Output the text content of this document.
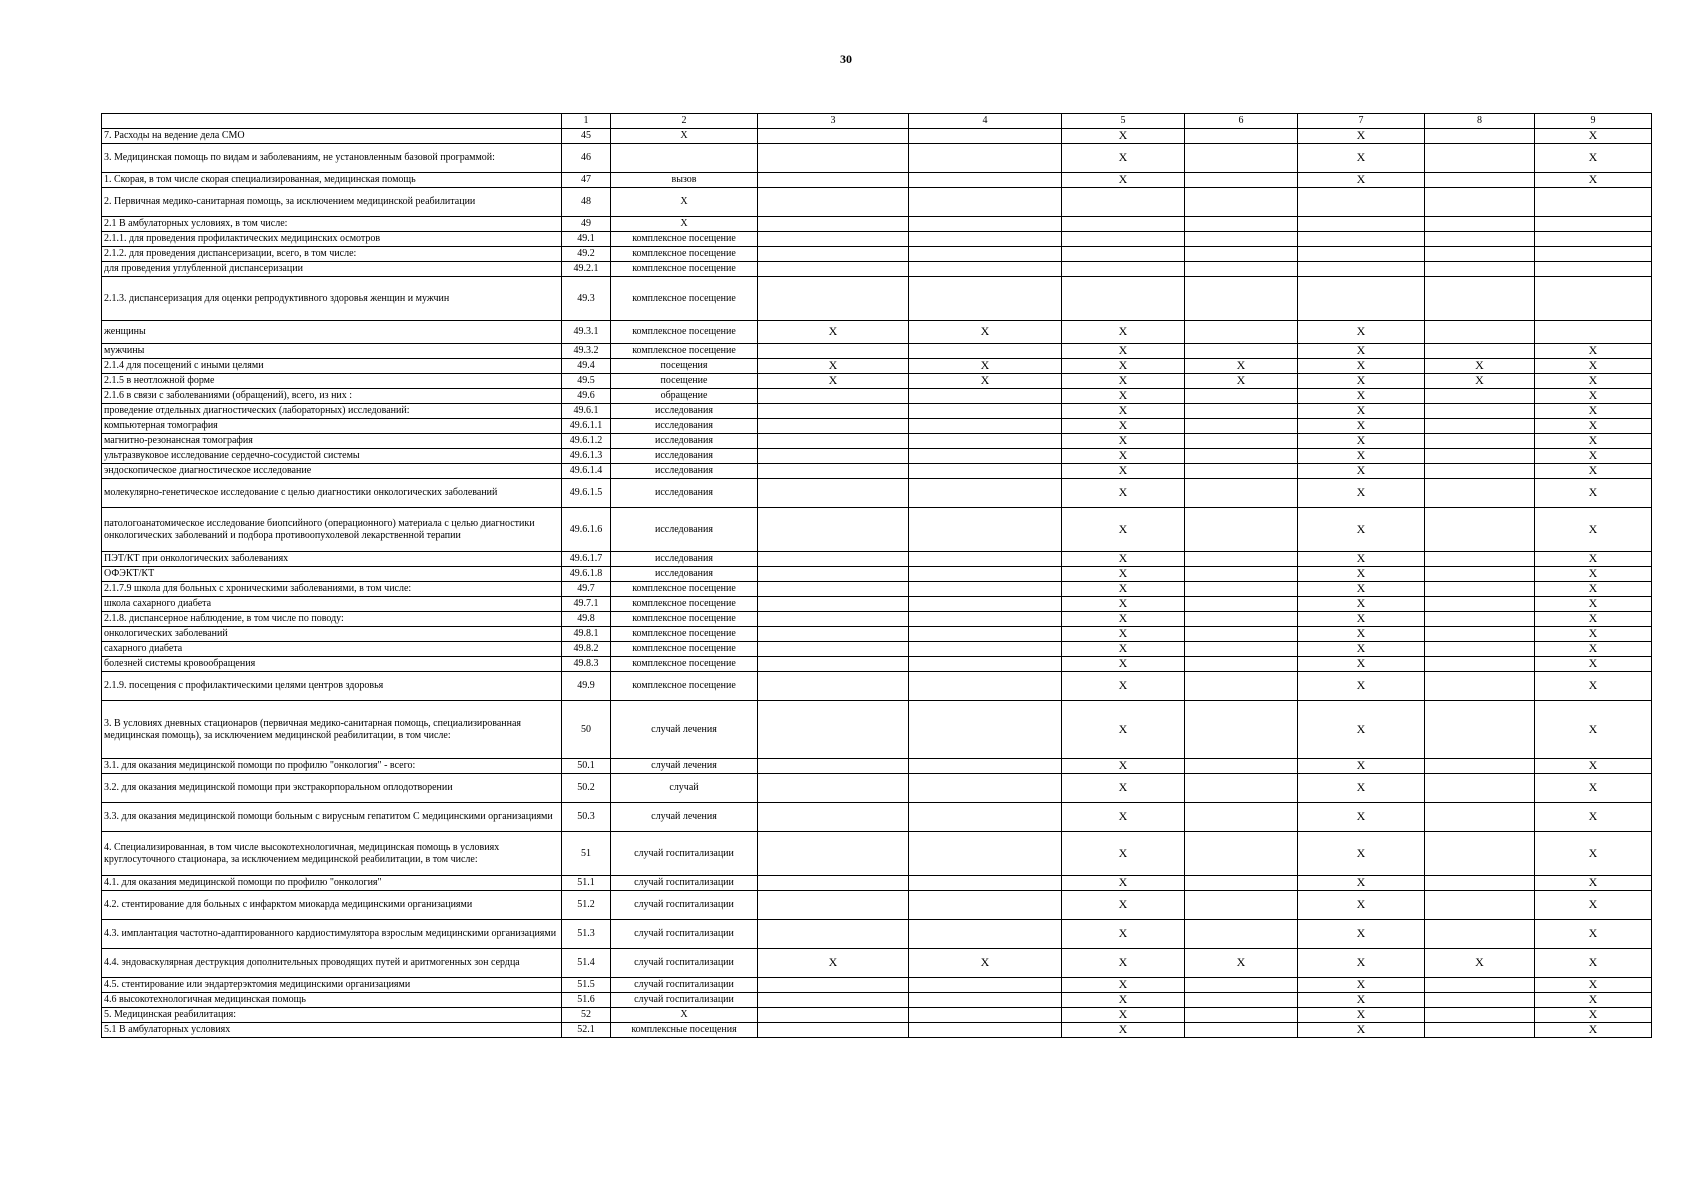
30
	1	2	3	4	5	6	7	8	9
7. Расходы на ведение дела СМО	45	X			X		X		X
3. Медицинская помощь по видам и заболеваниям, не установленным базовой программой:	46				X		X		X
1. Скорая, в том числе скорая специализированная, медицинская помощь	47	вызов			X		X		X
2. Первичная медико-санитарная помощь, за исключением медицинской реабилитации	48	X							
2.1 В амбулаторных условиях, в том числе:	49	X							
2.1.1. для проведения профилактических медицинских осмотров	49.1	комплексное посещение							
2.1.2. для проведения диспансеризации, всего, в том числе:	49.2	комплексное посещение							
для проведения углубленной диспансеризации	49.2.1	комплексное посещение							
2.1.3. диспансеризация для оценки репродуктивного здоровья женщин и мужчин	49.3	комплексное посещение							
женщины	49.3.1	комплексное посещение	X	X	X		X		
мужчины	49.3.2	комплексное посещение			X		X		X
2.1.4 для посещений с иными целями	49.4	посещения	X	X	X	X	X	X	X
2.1.5 в неотложной форме	49.5	посещение	X	X	X	X	X	X	X
2.1.6 в связи с заболеваниями (обращений), всего, из них :	49.6	обращение			X		X		X
проведение отдельных диагностических (лабораторных) исследований:	49.6.1	исследования			X		X		X
компьютерная томография	49.6.1.1	исследования			X		X		X
магнитно-резонансная томография	49.6.1.2	исследования			X		X		X
ультразвуковое исследование сердечно-сосудистой системы	49.6.1.3	исследования			X		X		X
эндоскопическое диагностическое исследование	49.6.1.4	исследования			X		X		X
молекулярно-генетическое исследование с целью диагностики онкологических заболеваний	49.6.1.5	исследования			X		X		X
патологоанатомическое исследование биопсийного (операционного) материала с целью диагностики онкологических заболеваний и подбора противоопухолевой лекарственной терапии	49.6.1.6	исследования			X		X		X
ПЭТ/КТ при онкологических заболеваниях	49.6.1.7	исследования			X		X		X
ОФЭКТ/КТ	49.6.1.8	исследования			X		X		X
2.1.7.9 школа для больных с хроническими заболеваниями, в том числе:	49.7	комплексное посещение			X		X		X
школа сахарного диабета	49.7.1	комплексное посещение			X		X		X
2.1.8. диспансерное наблюдение, в том числе по поводу:	49.8	комплексное посещение			X		X		X
онкологических заболеваний	49.8.1	комплексное посещение			X		X		X
сахарного диабета	49.8.2	комплексное посещение			X		X		X
болезней системы кровообращения	49.8.3	комплексное посещение			X		X		X
2.1.9. посещения с профилактическими целями центров здоровья	49.9	комплексное посещение			X		X		X
3. В условиях дневных стационаров (первичная медико-санитарная помощь, специализированная медицинская помощь), за исключением медицинской реабилитации, в том числе:	50	случай лечения			X		X		X
3.1. для оказания медицинской помощи по профилю "онкология" - всего:	50.1	случай лечения			X		X		X
3.2. для оказания медицинской помощи при экстракорпоральном оплодотворении	50.2	случай			X		X		X
3.3. для оказания медицинской помощи больным с вирусным гепатитом С медицинскими организациями	50.3	случай лечения			X		X		X
4. Специализированная, в том числе высокотехнологичная, медицинская помощь в условиях круглосуточного стационара, за исключением медицинской реабилитации, в том числе:	51	случай госпитализации			X		X		X
4.1. для оказания медицинской помощи по профилю "онкология"	51.1	случай госпитализации			X		X		X
4.2. стентирование для больных с инфарктом миокарда медицинскими организациями	51.2	случай госпитализации			X		X		X
4.3. имплантация частотно-адаптированного кардиостимулятора взрослым медицинскими организациями	51.3	случай госпитализации			X		X		X
4.4. эндоваскулярная деструкция дополнительных проводящих путей и аритмогенных зон сердца	51.4	случай госпитализации	X	X	X	X	X	X	X
4.5. стентирование или эндартерэктомия медицинскими организациями	51.5	случай госпитализации			X		X		X
4.6 высокотехнологичная медицинская помощь	51.6	случай госпитализации			X		X		X
5. Медицинская реабилитация:	52	X			X		X		X
5.1 В амбулаторных условиях	52.1	комплексные посещения			X		X		X
